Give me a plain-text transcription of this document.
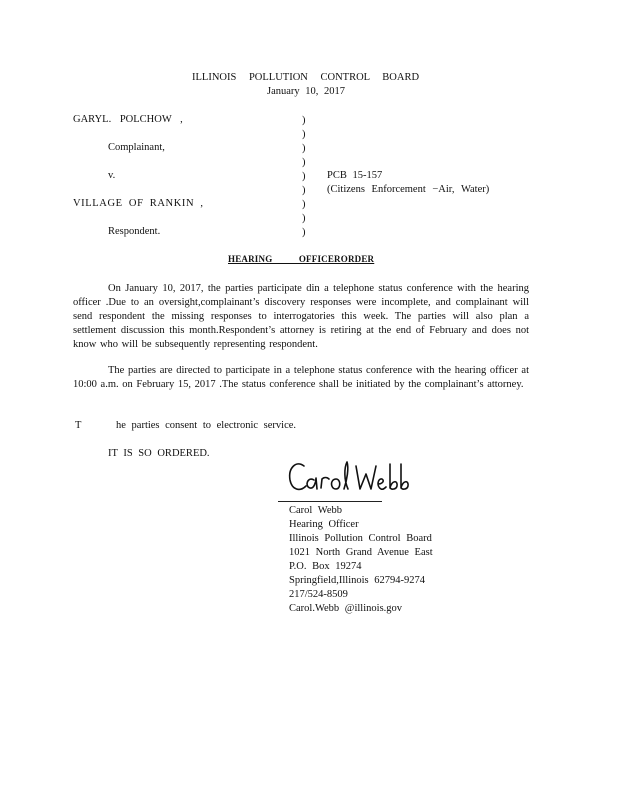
ILLINOIS POLLUTION CONTROL BOARD
January 10, 2017
GARYL. POLCHOW ,
Complainant,
v.
VILLAGE OF RANKIN ,
Respondent.
)
)
)
)
)
)
)
)
)
PCB 15-157
(Citizens Enforcement −Air, Water)
HEARING OFFICERORDER
On January 10, 2017, the parties participate din a telephone status conference with the hearing officer .Due to an oversight,complainant’s discovery responses were incomplete, and complainant will send respondent the missing responses to interrogatories this week. The parties will also plan a settlement discussion this month.Respondent’s attorney is retiring at the end of February and does not know who will be subsequently representing respondent.
The parties are directed to participate in a telephone status conference with the hearing officer at 10:00 a.m. on February 15, 2017 .The status conference shall be initiated by the complainant’s attorney.
T	he parties consent to electronic service.
IT IS SO ORDERED.
Carol Webb
Hearing Officer
Illinois Pollution Control Board
1021 North Grand Avenue East
P.O. Box 19274
Springfield,Illinois 62794-9274
217/524-8509
Carol.Webb @illinois.gov
